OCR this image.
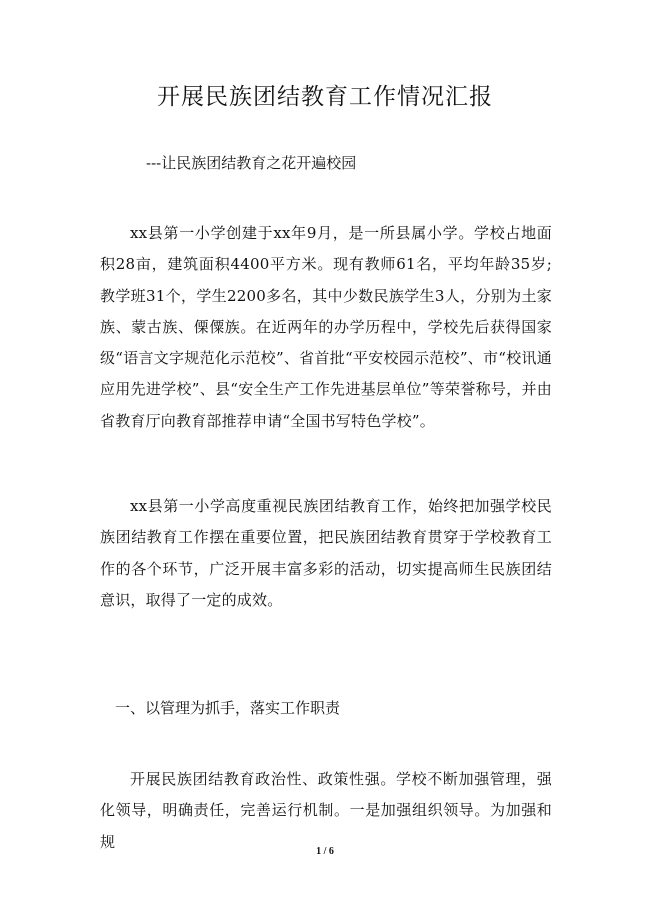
开展民族团结教育工作情况汇报

---让民族团结教育之花开遍校园

xx县第一小学创建于xx年9月，是一所县属小学。学校占地面积28亩，建筑面积4400平方米。现有教师61名，平均年龄35岁;教学班31个，学生2200多名，其中少数民族学生3人，分别为土家族、蒙古族、傈僳族。在近两年的办学历程中，学校先后获得国家级“语言文字规范化示范校”、省首批“平安校园示范校”、市“校讯通应用先进学校”、县“安全生产工作先进基层单位”等荣誉称号，并由省教育厅向教育部推荐申请“全国书写特色学校”。

xx县第一小学高度重视民族团结教育工作，始终把加强学校民族团结教育工作摆在重要位置，把民族团结教育贯穿于学校教育工作的各个环节，广泛开展丰富多彩的活动，切实提高师生民族团结意识，取得了一定的成效。

一、以管理为抓手，落实工作职责

开展民族团结教育政治性、政策性强。学校不断加强管理，强化领导，明确责任，完善运行机制。一是加强组织领导。为加强和规

1 / 6
